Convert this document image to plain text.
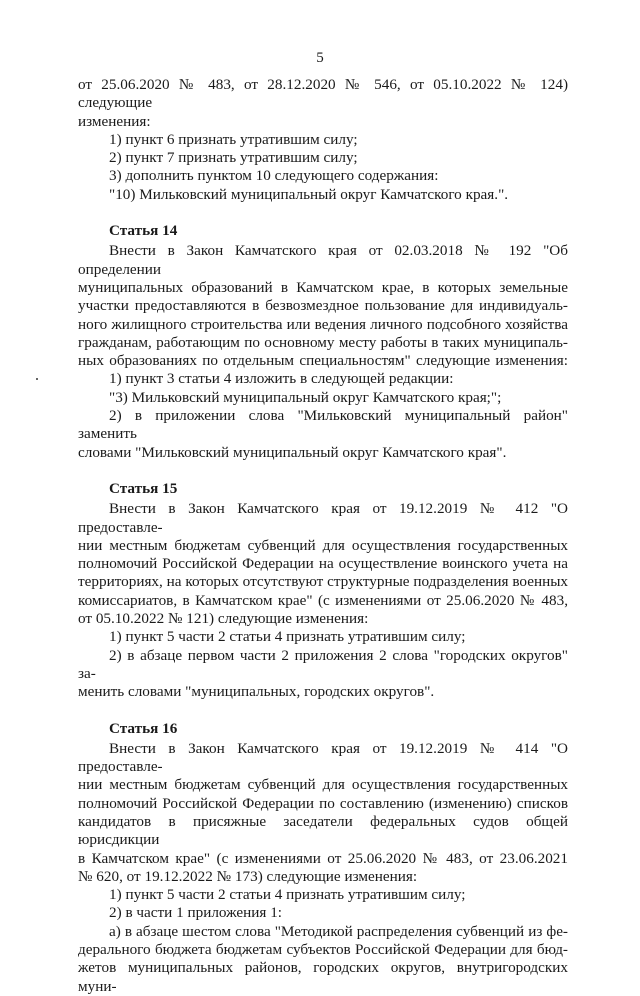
5

от 25.06.2020 № 483, от 28.12.2020 № 546, от 05.10.2022 № 124) следующие
изменения:

1) пункт 6 признать утратившим силу;

2) пункт 7 признать утратившим силу;

3) дополнить пунктом 10 следующего содержания:

"10) Мильковский муниципальный округ Камчатского края.".

Статья 14

Внести в Закон Камчатского края от 02.03.2018 № 192 "Об определении
муниципальных образований в Камчатском крае, в которых земельные
участки предоставляются в безвозмездное пользование для индивидуаль-
ного жилищного строительства или ведения личного подсобного хозяйства
гражданам, работающим по основному месту работы в таких муниципаль-
ных образованиях по отдельным специальностям" следующие изменения:

1) пункт 3 статьи 4 изложить в следующей редакции:

"3) Мильковский муниципальный округ Камчатского края;";

2) в приложении слова "Мильковский муниципальный район" заменить
словами "Мильковский муниципальный округ Камчатского края".

Статья 15

Внести в Закон Камчатского края от 19.12.2019 № 412 "О предоставле-
нии местным бюджетам субвенций для осуществления государственных
полномочий Российской Федерации на осуществление воинского учета на
территориях, на которых отсутствуют структурные подразделения военных
комиссариатов, в Камчатском крае" (с изменениями от 25.06.2020 № 483,
от 05.10.2022 № 121) следующие изменения:

1) пункт 5 части 2 статьи 4 признать утратившим силу;

2) в абзаце первом части 2 приложения 2 слова "городских округов" за-
менить словами "муниципальных, городских округов".

Статья 16

Внести в Закон Камчатского края от 19.12.2019 № 414 "О предоставле-
нии местным бюджетам субвенций для осуществления государственных
полномочий Российской Федерации по составлению (изменению) списков
кандидатов в присяжные заседатели федеральных судов общей юрисдикции
в Камчатском крае" (с изменениями от 25.06.2020 № 483, от 23.06.2021
№ 620, от 19.12.2022 № 173) следующие изменения:

1) пункт 5 части 2 статьи 4 признать утратившим силу;

2) в части 1 приложения 1:

а) в абзаце шестом слова "Методикой распределения субвенций из фе-
дерального бюджета бюджетам субъектов Российской Федерации для бюд-
жетов муниципальных районов, городских округов, внутригородских муни-
